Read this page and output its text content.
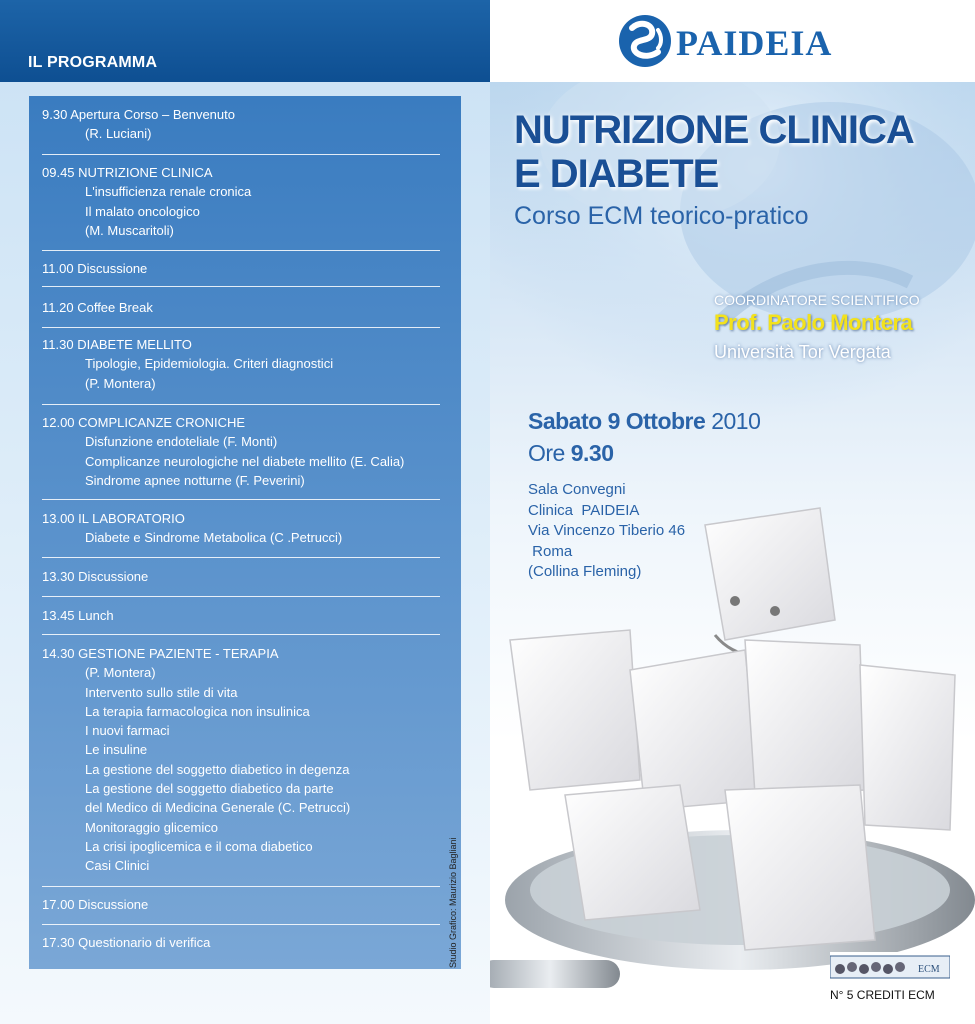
IL PROGRAMMA	PAIDEIA
9.30 Apertura Corso – Benvenuto
(R. Luciani)
09.45 NUTRIZIONE CLINICA
L'insufficienza renale cronica
Il malato oncologico
(M. Muscaritoli)
11.00 Discussione
11.20 Coffee Break
11.30 DIABETE MELLITO
Tipologie, Epidemiologia. Criteri diagnostici
(P. Montera)
12.00 COMPLICANZE CRONICHE
Disfunzione endoteliale (F. Monti)
Complicanze neurologiche nel diabete mellito (E. Calia)
Sindrome apnee notturne (F. Peverini)
13.00 IL LABORATORIO
Diabete e Sindrome Metabolica (C .Petrucci)
13.30 Discussione
13.45 Lunch
14.30 GESTIONE PAZIENTE - TERAPIA
(P. Montera)
Intervento sullo stile di vita
La terapia farmacologica non insulinica
I nuovi farmaci
Le insuline
La gestione del soggetto diabetico in degenza
La gestione del soggetto diabetico da parte
del Medico di Medicina Generale (C. Petrucci)
Monitoraggio glicemico
La crisi ipoglicemica e il coma diabetico
Casi Clinici
17.00 Discussione
17.30 Questionario di verifica	Studio Grafico: Maurizio Bagliani
NUTRIZIONE CLINICA
E DIABETE
Corso ECM teorico-pratico
COORDINATORE SCIENTIFICO
Prof. Paolo Montera
Università Tor Vergata
Sabato 9 Ottobre 2010
Ore 9.30
Sala Convegni
Clinica  PAIDEIA
Via Vincenzo Tiberio 46
Roma
(Collina Fleming)
ECM
N° 5 CREDITI ECM
